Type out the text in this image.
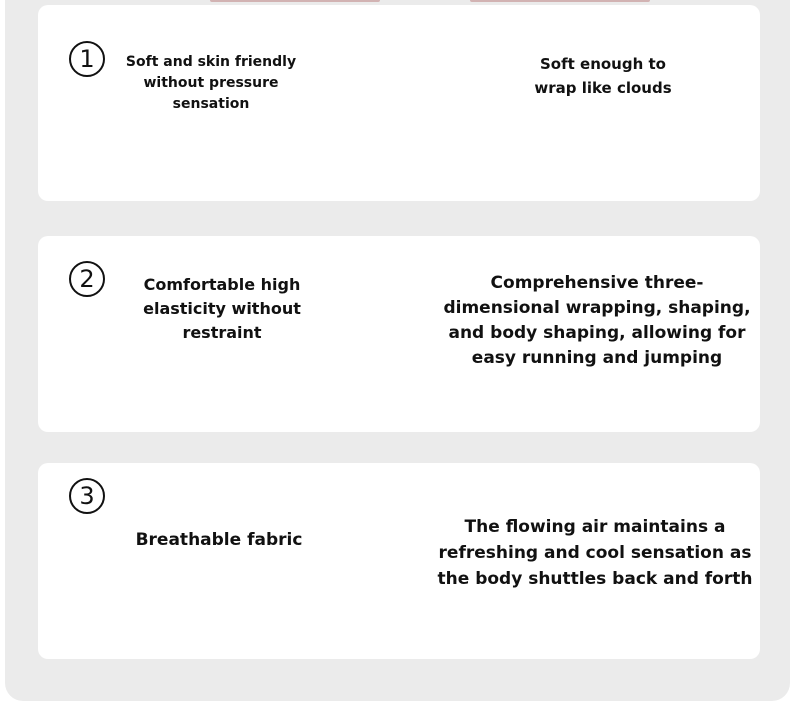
1	Soft and skin friendly
without pressure sensation
Soft enough to
wrap like clouds
2	Comfortable high
elasticity without restraint
Comprehensive three-
dimensional wrapping, shaping,
and body shaping, allowing for
easy running and jumping
3
Breathable fabric
The flowing air maintains a
refreshing and cool sensation as
the body shuttles back and forth
